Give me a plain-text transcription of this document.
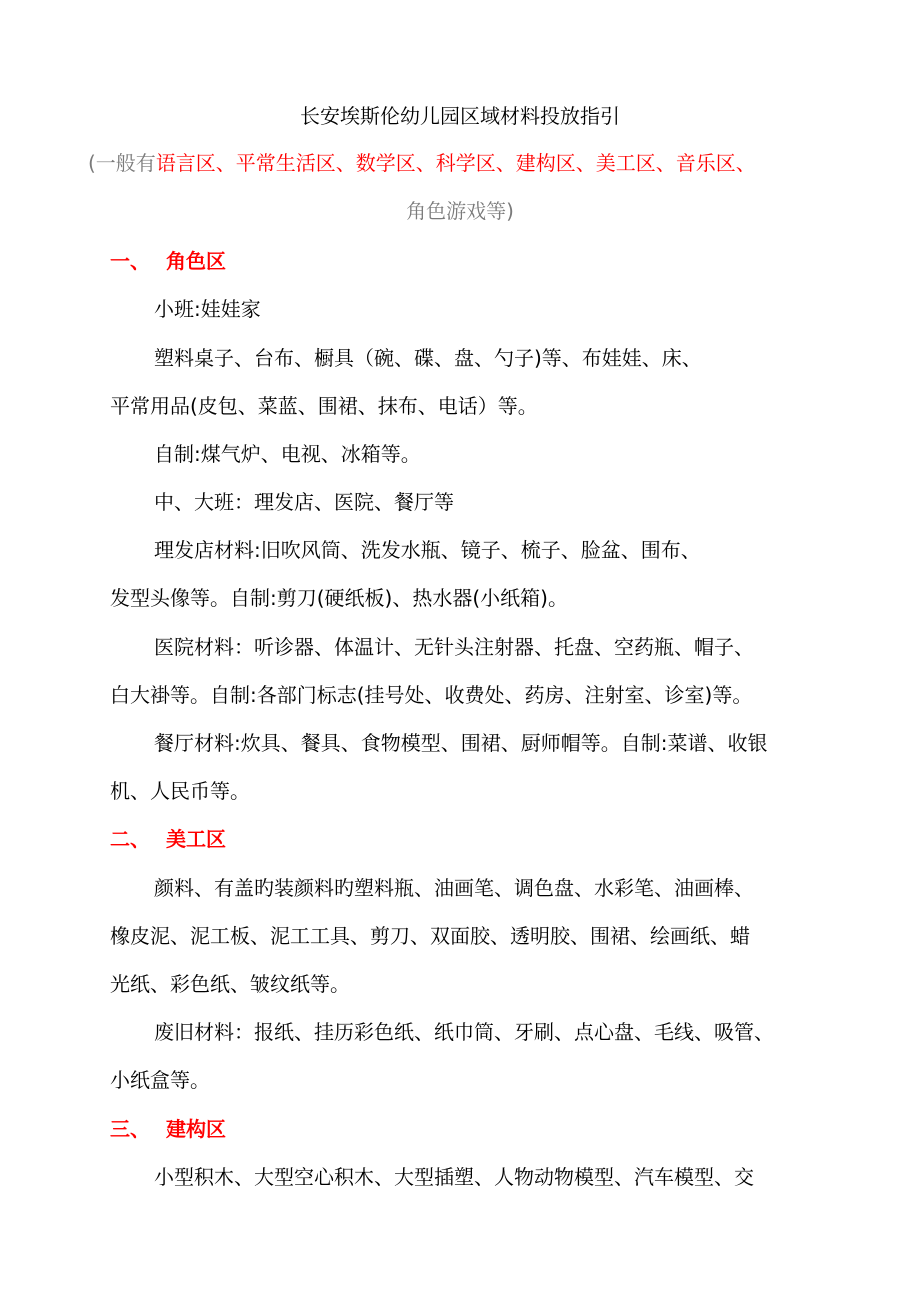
长安埃斯伦幼儿园区域材料投放指引
(一般有语言区、平常生活区、数学区、科学区、建构区、美工区、音乐区、
角色游戏等)
一、 角色区
小班:娃娃家
塑料桌子、台布、橱具（碗、碟、盘、勺子)等、布娃娃、床、
平常用品(皮包、菜蓝、围裙、抹布、电话）等。
自制:煤气炉、电视、冰箱等。
中、大班：理发店、医院、餐厅等
理发店材料:旧吹风筒、洗发水瓶、镜子、梳子、脸盆、围布、
发型头像等。自制:剪刀(硬纸板)、热水器(小纸箱)。
医院材料：听诊器、体温计、无针头注射器、托盘、空药瓶、帽子、
白大褂等。自制:各部门标志(挂号处、收费处、药房、注射室、诊室)等。
餐厅材料:炊具、餐具、食物模型、围裙、厨师帽等。自制:菜谱、收银
机、人民币等。
二、 美工区
颜料、有盖旳装颜料旳塑料瓶、油画笔、调色盘、水彩笔、油画棒、
橡皮泥、泥工板、泥工工具、剪刀、双面胶、透明胶、围裙、绘画纸、蜡
光纸、彩色纸、皱纹纸等。
废旧材料：报纸、挂历彩色纸、纸巾筒、牙刷、点心盘、毛线、吸管、
小纸盒等。
三、 建构区
小型积木、大型空心积木、大型插塑、人物动物模型、汽车模型、交
